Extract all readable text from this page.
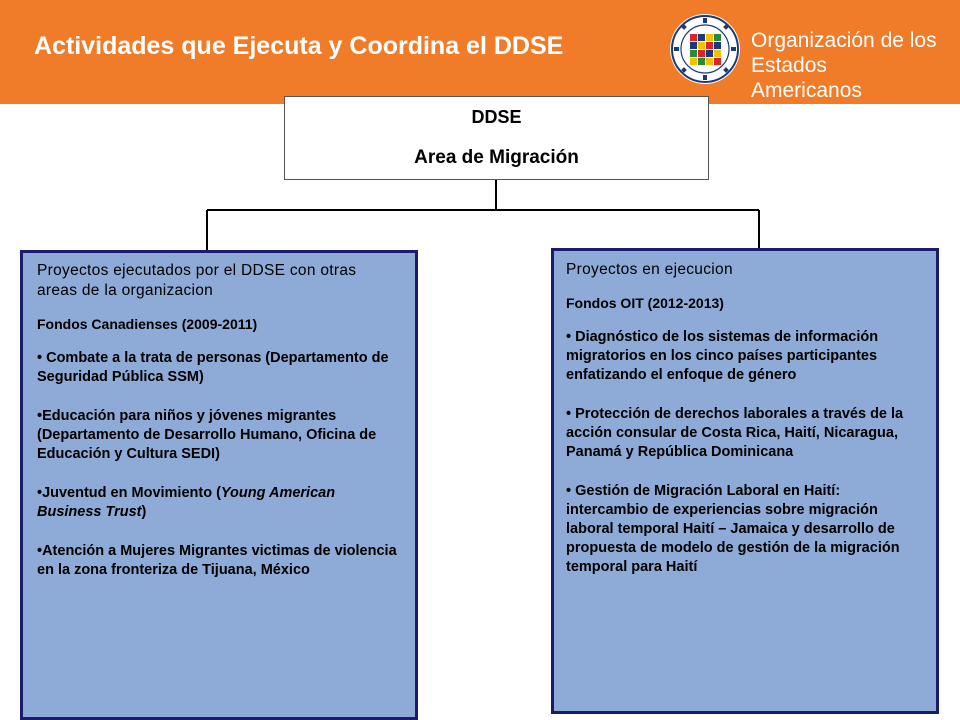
Actividades que Ejecuta y Coordina el DDSE	Organización de los
Estados Americanos
DDSE
Area de Migración
Proyectos ejecutados por el DDSE con otras areas de la organizacion
Fondos Canadienses (2009-2011)
• Combate a la trata de personas (Departamento de Seguridad Pública SSM)
•Educación para niños y jóvenes migrantes (Departamento de Desarrollo Humano, Oficina de Educación y Cultura SEDI)
•Juventud en Movimiento (Young American Business Trust)
•Atención a Mujeres Migrantes victimas de violencia en la zona fronteriza de Tijuana, México
Proyectos en ejecucion
Fondos OIT (2012-2013)
• Diagnóstico de los sistemas de información migratorios en los cinco países participantes enfatizando el enfoque de género
• Protección de derechos laborales a través de la acción consular de Costa Rica, Haití, Nicaragua, Panamá y República Dominicana
• Gestión de Migración Laboral en Haití: intercambio de experiencias sobre migración laboral temporal Haití – Jamaica y desarrollo de propuesta de modelo de gestión de la migración temporal para Haití
